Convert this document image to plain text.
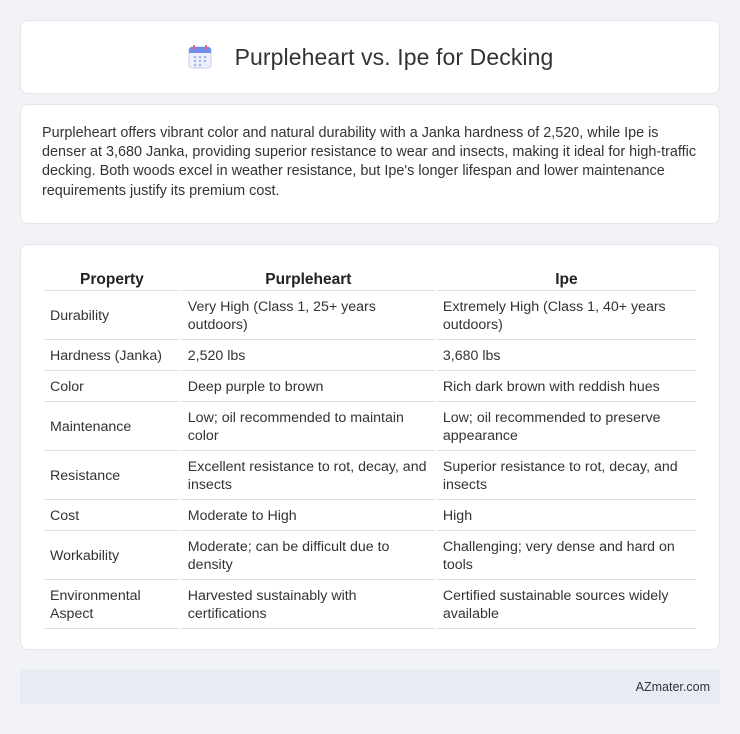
Purpleheart vs. Ipe for Decking

Purpleheart offers vibrant color and natural durability with a Janka hardness of 2,520, while Ipe is denser at 3,680 Janka, providing superior resistance to wear and insects, making it ideal for high-traffic decking. Both woods excel in weather resistance, but Ipe's longer lifespan and lower maintenance requirements justify its premium cost.

Property	Purpleheart	Ipe
Durability	Very High (Class 1, 25+ years outdoors)	Extremely High (Class 1, 40+ years outdoors)
Hardness (Janka)	2,520 lbs	3,680 lbs
Color	Deep purple to brown	Rich dark brown with reddish hues
Maintenance	Low; oil recommended to maintain color	Low; oil recommended to preserve appearance
Resistance	Excellent resistance to rot, decay, and insects	Superior resistance to rot, decay, and insects
Cost	Moderate to High	High
Workability	Moderate; can be difficult due to density	Challenging; very dense and hard on tools
Environmental Aspect	Harvested sustainably with certifications	Certified sustainable sources widely available
AZmater.com
